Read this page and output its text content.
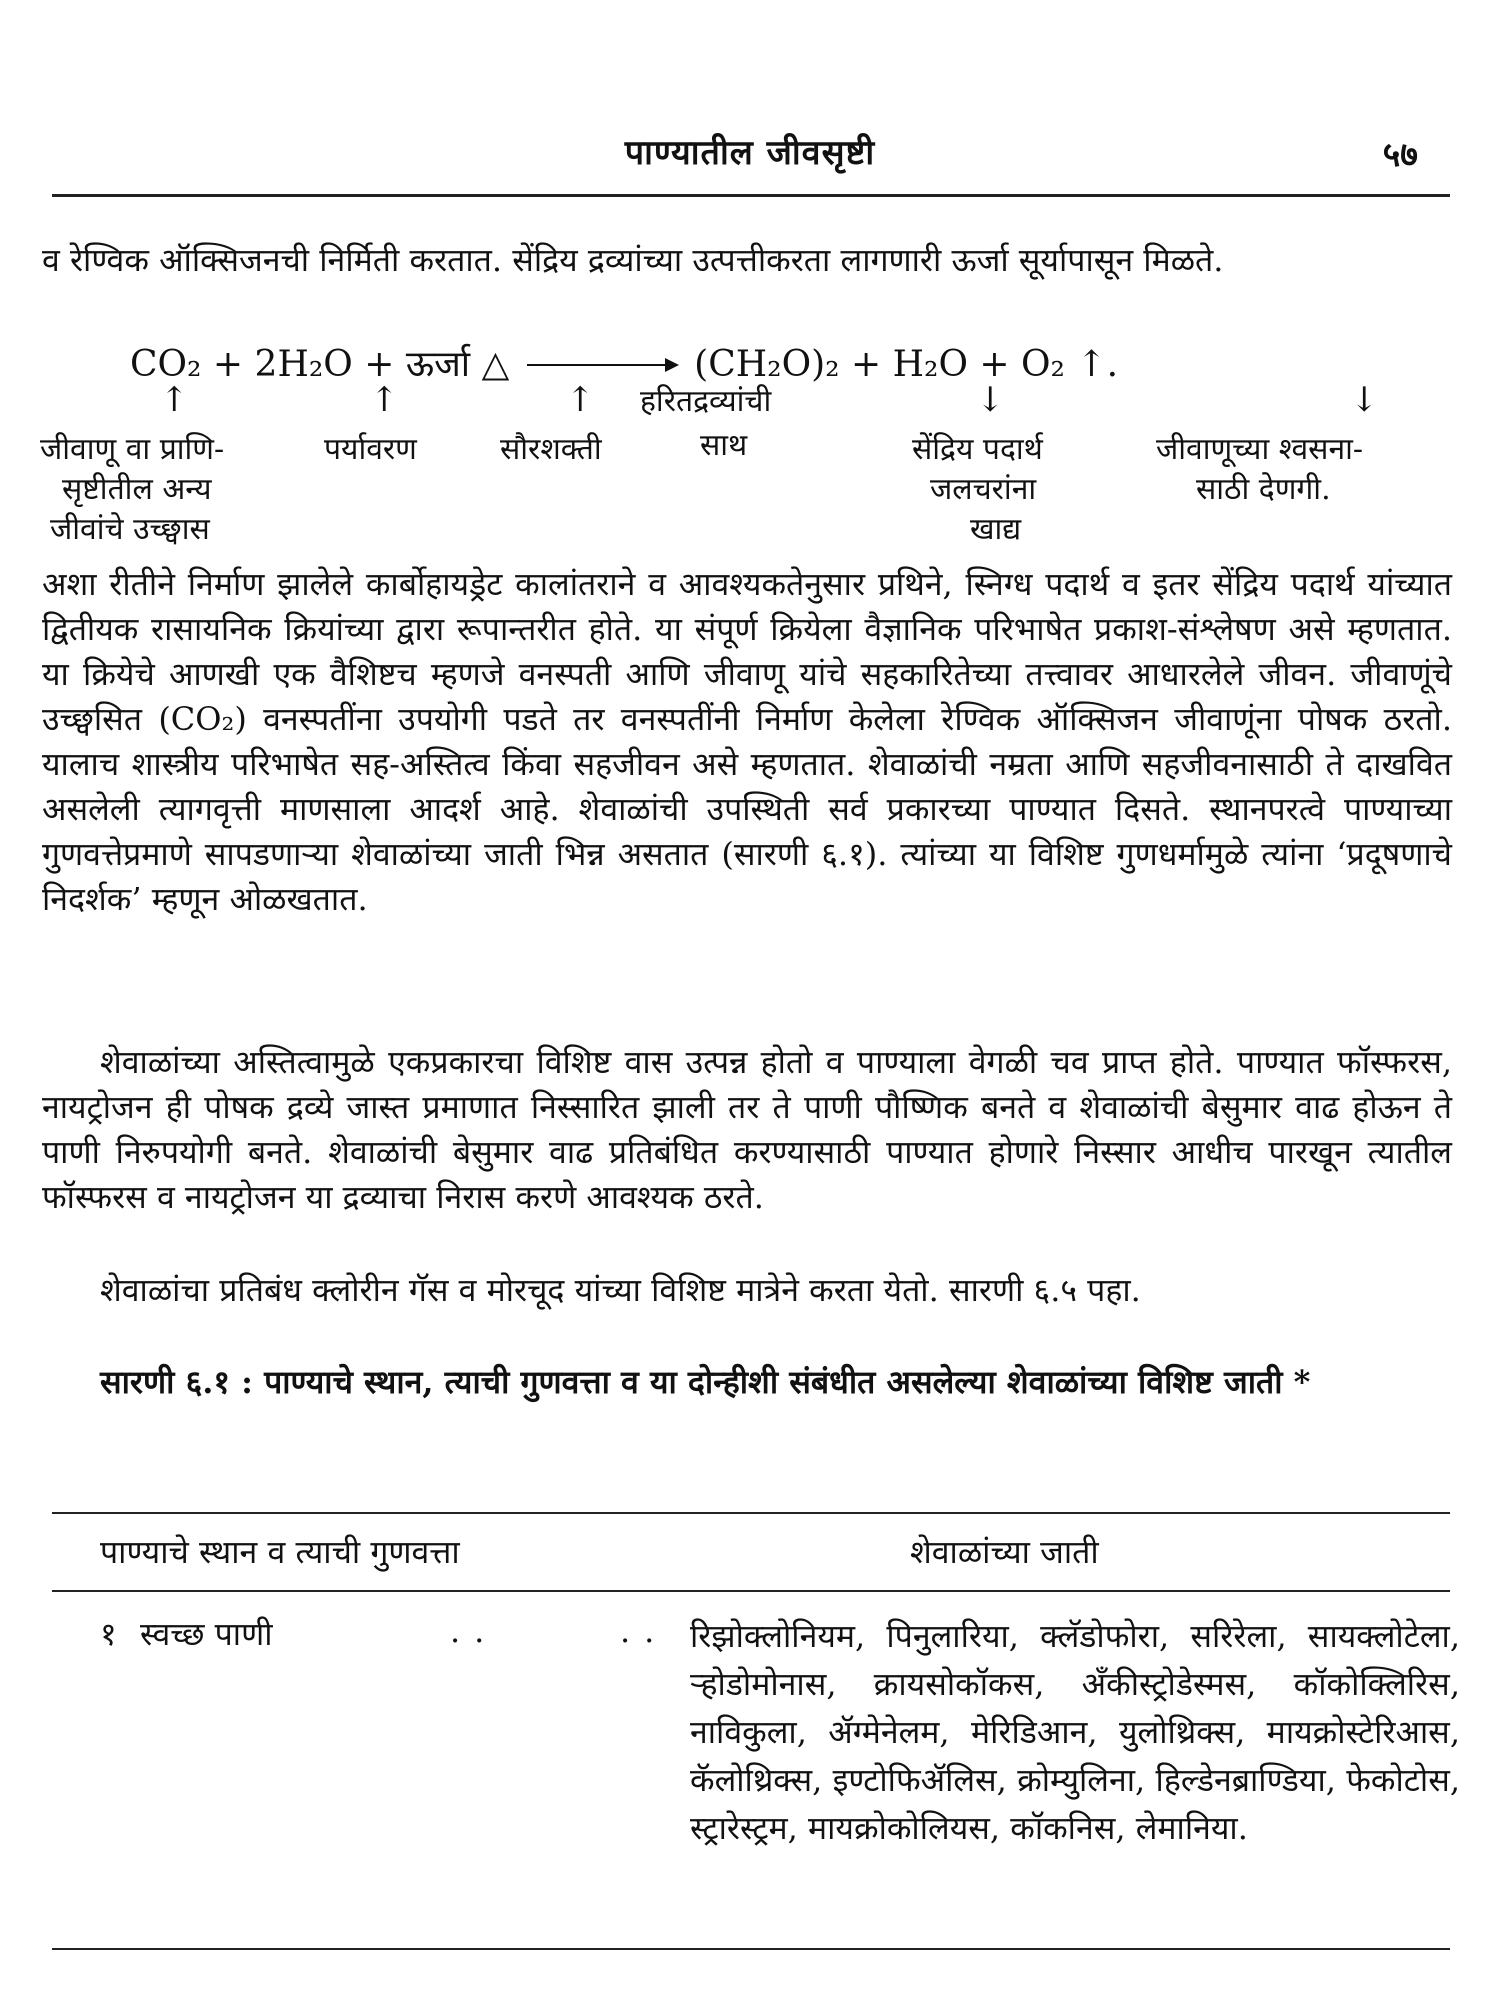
पाण्यातील जीवसृष्टी	५७
व रेण्विक ऑक्सिजनची निर्मिती करतात. सेंद्रिय द्रव्यांच्या उत्पत्तीकरता लागणारी ऊर्जा सूर्यापासून मिळते.
CO₂ + 2H₂O + ऊर्जा △	(CH₂O)₂ + H₂O + O₂ ↑.
हरितद्रव्यांची
साथ
↑	↑	↑	↓	↓
जीवाणू वा प्राणि-
सृष्टीतील अन्य
जीवांचे उच्छ्वास
पर्यावरण	सौरशक्ती	सेंद्रिय पदार्थ
जलचरांना
खाद्य
जीवाणूच्या श्वसना-
साठी देणगी.
अशा रीतीने निर्माण झालेले कार्बोहायड्रेट कालांतराने व आवश्यकतेनुसार प्रथिने, स्निग्ध पदार्थ व इतर सेंद्रिय पदार्थ यांच्यात द्वितीयक रासायनिक क्रियांच्या द्वारा रूपान्तरीत होते. या संपूर्ण क्रियेला वैज्ञानिक परिभाषेत प्रकाश-संश्लेषण असे म्हणतात. या क्रियेचे आणखी एक वैशिष्टच म्हणजे वनस्पती आणि जीवाणू यांचे सहकारितेच्या तत्त्वावर आधारलेले जीवन. जीवाणूंचे उच्छ्वसित (CO₂) वनस्पतींना उपयोगी पडते तर वनस्पतींनी निर्माण केलेला रेण्विक ऑक्सिजन जीवाणूंना पोषक ठरतो. यालाच शास्त्रीय परिभाषेत सह-अस्तित्व किंवा सहजीवन असे म्हणतात. शेवाळांची नम्रता आणि सहजीवनासाठी ते दाखवित असलेली त्यागवृत्ती माणसाला आदर्श आहे. शेवाळांची उपस्थिती सर्व प्रकारच्या पाण्यात दिसते. स्थानपरत्वे पाण्याच्या गुणवत्तेप्रमाणे सापडणाऱ्या शेवाळांच्या जाती भिन्न असतात (सारणी ६.१). त्यांच्या या विशिष्ट गुणधर्मामुळे त्यांना ‘प्रदूषणाचे निदर्शक’ म्हणून ओळखतात.
शेवाळांच्या अस्तित्वामुळे एकप्रकारचा विशिष्ट वास उत्पन्न होतो व पाण्याला वेगळी चव प्राप्त होते. पाण्यात फॉस्फरस, नायट्रोजन ही पोषक द्रव्ये जास्त प्रमाणात निस्सारित झाली तर ते पाणी पौष्णिक बनते व शेवाळांची बेसुमार वाढ होऊन ते पाणी निरुपयोगी बनते. शेवाळांची बेसुमार वाढ प्रतिबंधित करण्यासाठी पाण्यात होणारे निस्सार आधीच पारखून त्यातील फॉस्फरस व नायट्रोजन या द्रव्याचा निरास करणे आवश्यक ठरते.
शेवाळांचा प्रतिबंध क्लोरीन गॅस व मोरचूद यांच्या विशिष्ट मात्रेने करता येतो. सारणी ६.५ पहा.
सारणी ६.१ : पाण्याचे स्थान, त्याची गुणवत्ता व या दोन्हीशी संबंधीत असलेल्या शेवाळांच्या विशिष्ट जाती *
पाण्याचे स्थान व त्याची गुणवत्ता	शेवाळांच्या जाती
१ स्वच्छ पाणी	..	.. रिझोक्लोनियम, पिनुलारिया, क्लॅडोफोरा, सरिरेला, सायक्लोटेला, ऱ्होडोमोनास, क्रायसोकॉकस, अँकीस्ट्रोडेस्मस, कॉकोक्लिरिस, नाविकुला, ॲग्मेनेलम, मेरिडिआन, युलोथ्रिक्स, मायक्रोस्टेरिआस, कॅलोथ्रिक्स, इण्टोफिॲलिस, क्रोम्युलिना, हिल्डेनब्राण्डिया, फेकोटोस, स्ट्रारेस्ट्रम, मायक्रोकोलियस, कॉकनिस, लेमानिया.
